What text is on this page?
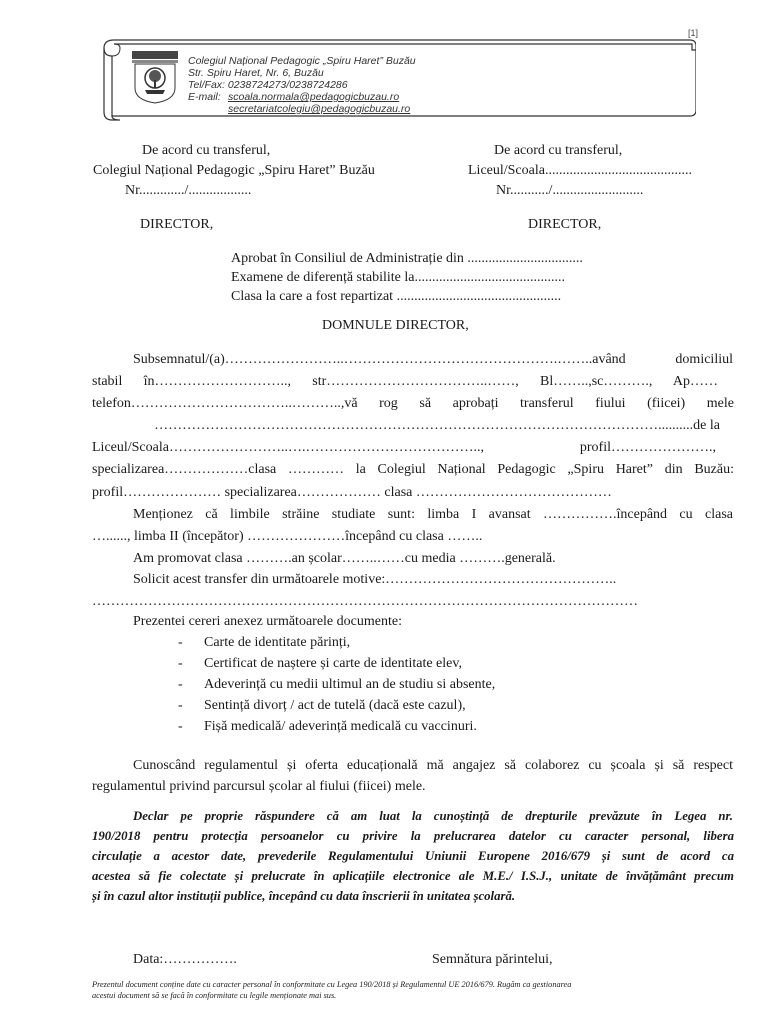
[1]
Colegiul Național Pedagogic „Spiru Haret” Buzău
Str. Spiru Haret, Nr. 6, Buzău
Tel/Fax: 0238724273/0238724286
E-mail: scoala.normala@pedagogicbuzau.ro
secretariatcolegiu@pedagogicbuzau.ro
De acord cu transferul,
Colegiul Național Pedagogic „Spiru Haret” Buzău
Nr............./..................
DIRECTOR,
De acord cu transferul,
Liceul/Scoala..........................................
Nr.........../..........................
DIRECTOR,
Aprobat în Consiliul de Administrație din .................................
Examene de diferență stabilite la...........................................
Clasa la care a fost repartizat ...............................................
DOMNULE DIRECTOR,
Subsemnatul/(a)……………………..……………………………………….……..având domiciliul
stabil în……………………….., str……………………………..……, Bl……..,sc………., Ap……
telefon……………………………..………..,vă rog să aprobați transferul fiului (fiicei) mele
………………………………………………………………………………………………..........de la
Liceul/Scoala……………………..….……………………………….., profil………………….,
specializarea………………clasa ………… la Colegiul Național Pedagogic „Spiru Haret” din Buzău:
profil………………… specializarea……………… clasa ……………………………………
Menționez că limbile străine studiate sunt: limba I avansat …………….începând cu clasa
…......, limba II (începător) …………………începând cu clasa ……..
Am promovat clasa ……….an școlar……..……cu media ……….generală.
Solicit acest transfer din următoarele motive:…………………………………………..
………………………………………………………………………………………………………
Prezentei cereri anexez următoarele documente:
- Carte de identitate părinți,
- Certificat de naștere și carte de identitate elev,
- Adeverință cu medii ultimul an de studiu si absente,
- Sentință divorț / act de tutelă (dacă este cazul),
- Fișă medicală/ adeverință medicală cu vaccinuri.
Cunoscând regulamentul și oferta educațională mă angajez să colaborez cu școala și să respect
regulamentul privind parcursul școlar al fiului (fiicei) mele.
Declar pe proprie răspundere că am luat la cunoștință de drepturile prevăzute în Legea nr.
190/2018 pentru protecția persoanelor cu privire la prelucrarea datelor cu caracter personal, libera
circulație a acestor date, prevederile Regulamentului Uniunii Europene 2016/679 și sunt de acord ca
acestea să fie colectate și prelucrate în aplicațiile electronice ale M.E./ I.S.J., unitate de învățământ precum
și în cazul altor instituții publice, începând cu data înscrierii în unitatea școlară.
Data:…………….	Semnătura părintelui,
Prezentul document conține date cu caracter personal în conformitate cu Legea 190/2018 și Regulamentul UE 2016/679. Rugăm ca gestionarea
acestui document să se facă în conformitate cu legile menționate mai sus.
